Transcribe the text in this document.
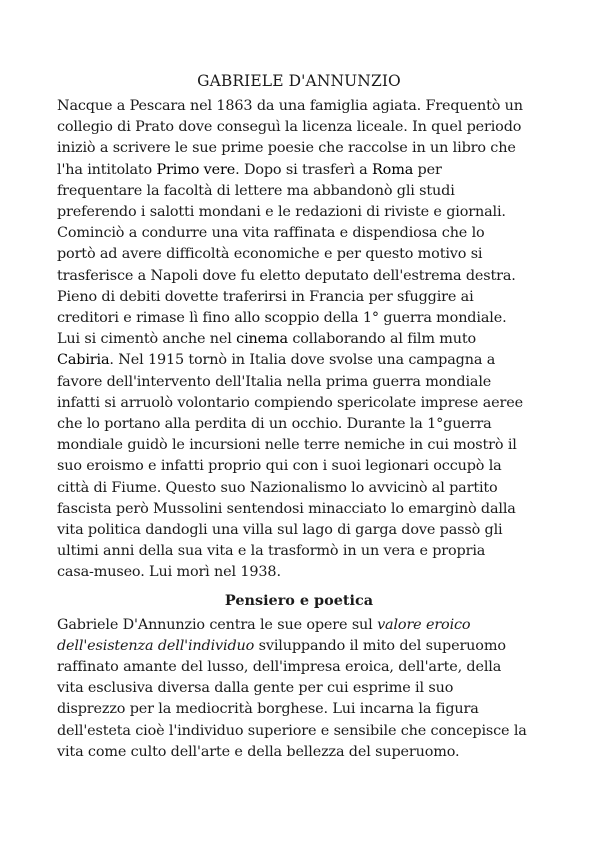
GABRIELE D'ANNUNZIO

Nacque a Pescara nel 1863 da una famiglia agiata. Frequentò un
collegio di Prato dove conseguì la licenza liceale. In quel periodo
iniziò a scrivere le sue prime poesie che raccolse in un libro che
l'ha intitolato Primo vere. Dopo si trasferì a Roma per
frequentare la facoltà di lettere ma abbandonò gli studi
preferendo i salotti mondani e le redazioni di riviste e giornali.
Cominciò a condurre una vita raffinata e dispendiosa che lo
portò ad avere difficoltà economiche e per questo motivo si
trasferisce a Napoli dove fu eletto deputato dell'estrema destra.
Pieno di debiti dovette traferirsi in Francia per sfuggire ai
creditori e rimase lì fino allo scoppio della 1° guerra mondiale.
Lui si cimentò anche nel cinema collaborando al film muto
Cabiria. Nel 1915 tornò in Italia dove svolse una campagna a
favore dell'intervento dell'Italia nella prima guerra mondiale
infatti si arruolò volontario compiendo spericolate imprese aeree
che lo portano alla perdita di un occhio. Durante la 1°guerra
mondiale guidò le incursioni nelle terre nemiche in cui mostrò il
suo eroismo e infatti proprio qui con i suoi legionari occupò la
città di Fiume. Questo suo Nazionalismo lo avvicinò al partito
fascista però Mussolini sentendosi minacciato lo emarginò dalla
vita politica dandogli una villa sul lago di garga dove passò gli
ultimi anni della sua vita e la trasformò in un vera e propria
casa-museo. Lui morì nel 1938.

Pensiero e poetica

Gabriele D'Annunzio centra le sue opere sul valore eroico
dell'esistenza dell'individuo sviluppando il mito del superuomo
raffinato amante del lusso, dell'impresa eroica, dell'arte, della
vita esclusiva diversa dalla gente per cui esprime il suo
disprezzo per la mediocrità borghese. Lui incarna la figura
dell'esteta cioè l'individuo superiore e sensibile che concepisce la
vita come culto dell'arte e della bellezza del superuomo.
